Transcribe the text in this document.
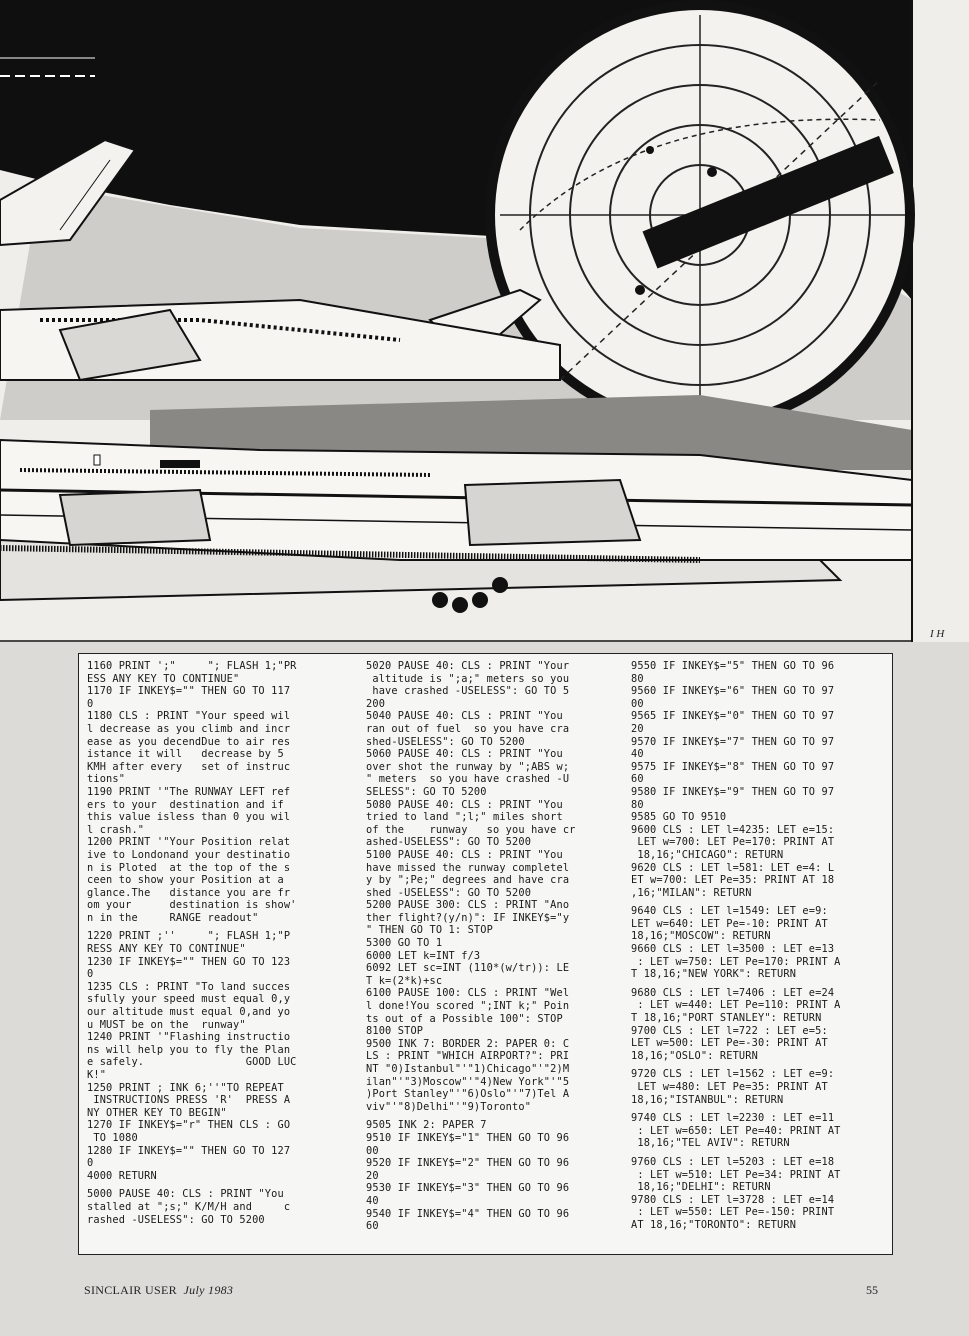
I H
1160 PRINT ';"     "; FLASH 1;"PR
ESS ANY KEY TO CONTINUE"
1170 IF INKEY$="" THEN GO TO 117
0
1180 CLS : PRINT "Your speed wil
l decrease as you climb and incr
ease as you decendDue to air res
istance it will   decrease by 5
KMH after every   set of instruc
tions"
1190 PRINT '"The RUNWAY LEFT ref
ers to your  destination and if
this value isless than 0 you wil
l crash."
1200 PRINT '"Your Position relat
ive to Londonand your destinatio
n is Ploted  at the top of the s
ceen to show your Position at a
glance.The   distance you are fr
om your      destination is show'
n in the     RANGE readout"
1220 PRINT ;''     "; FLASH 1;"P
RESS ANY KEY TO CONTINUE"
1230 IF INKEY$="" THEN GO TO 123
0
1235 CLS : PRINT "To land succes
sfully your speed must equal 0,y
our altitude must equal 0,and yo
u MUST be on the  runway"
1240 PRINT '"Flashing instructio
ns will help you to fly the Plan
e safely.                GOOD LUC
K!"
1250 PRINT ; INK 6;''"TO REPEAT
INSTRUCTIONS PRESS 'R'  PRESS A
NY OTHER KEY TO BEGIN"
1270 IF INKEY$="r" THEN CLS : GO
TO 1080
1280 IF INKEY$="" THEN GO TO 127
0
4000 RETURN
5000 PAUSE 40: CLS : PRINT "You
stalled at ";s;" K/M/H and     c
rashed -USELESS": GO TO 5200
5020 PAUSE 40: CLS : PRINT "Your
altitude is ";a;" meters so you
have crashed -USELESS": GO TO 5
200
5040 PAUSE 40: CLS : PRINT "You
ran out of fuel  so you have cra
shed-USELESS": GO TO 5200
5060 PAUSE 40: CLS : PRINT "You
over shot the runway by ";ABS w;
" meters  so you have crashed -U
SELESS": GO TO 5200
5080 PAUSE 40: CLS : PRINT "You
tried to land ";l;" miles short
of the    runway   so you have cr
ashed-USELESS": GO TO 5200
5100 PAUSE 40: CLS : PRINT "You
have missed the runway completel
y by ";Pe;" degrees and have cra
shed -USELESS": GO TO 5200
5200 PAUSE 300: CLS : PRINT "Ano
ther flight?(y/n)": IF INKEY$="y
" THEN GO TO 1: STOP
5300 GO TO 1
6000 LET k=INT f/3
6092 LET sc=INT (110*(w/tr)): LE
T k=(2*k)+sc
6100 PAUSE 100: CLS : PRINT "Wel
l done!You scored ";INT k;" Poin
ts out of a Possible 100": STOP
8100 STOP
9500 INK 7: BORDER 2: PAPER 0: C
LS : PRINT "WHICH AIRPORT?": PRI
NT "0)Istanbul"'"1)Chicago"'"2)M
ilan"'"3)Moscow"'"4)New York"'"5
)Port Stanley"'"6)Oslo"'"7)Tel A
viv"'"8)Delhi"'"9)Toronto"
9505 INK 2: PAPER 7
9510 IF INKEY$="1" THEN GO TO 96
00
9520 IF INKEY$="2" THEN GO TO 96
20
9530 IF INKEY$="3" THEN GO TO 96
40
9540 IF INKEY$="4" THEN GO TO 96
60
9550 IF INKEY$="5" THEN GO TO 96
80
9560 IF INKEY$="6" THEN GO TO 97
00
9565 IF INKEY$="0" THEN GO TO 97
20
9570 IF INKEY$="7" THEN GO TO 97
40
9575 IF INKEY$="8" THEN GO TO 97
60
9580 IF INKEY$="9" THEN GO TO 97
80
9585 GO TO 9510
9600 CLS : LET l=4235: LET e=15:
LET w=700: LET Pe=170: PRINT AT
18,16;"CHICAGO": RETURN
9620 CLS : LET l=581: LET e=4: L
ET w=700: LET Pe=35: PRINT AT 18
,16;"MILAN": RETURN
9640 CLS : LET l=1549: LET e=9:
LET w=640: LET Pe=-10: PRINT AT
18,16;"MOSCOW": RETURN
9660 CLS : LET l=3500 : LET e=13
: LET w=750: LET Pe=170: PRINT A
T 18,16;"NEW YORK": RETURN
9680 CLS : LET l=7406 : LET e=24
: LET w=440: LET Pe=110: PRINT A
T 18,16;"PORT STANLEY": RETURN
9700 CLS : LET l=722 : LET e=5:
LET w=500: LET Pe=-30: PRINT AT
18,16;"OSLO": RETURN
9720 CLS : LET l=1562 : LET e=9:
LET w=480: LET Pe=35: PRINT AT
18,16;"ISTANBUL": RETURN
9740 CLS : LET l=2230 : LET e=11
: LET w=650: LET Pe=40: PRINT AT
18,16;"TEL AVIV": RETURN
9760 CLS : LET l=5203 : LET e=18
: LET w=510: LET Pe=34: PRINT AT
18,16;"DELHI": RETURN
9780 CLS : LET l=3728 : LET e=14
: LET w=550: LET Pe=-150: PRINT
AT 18,16;"TORONTO": RETURN
SINCLAIR USER July 1983	55
